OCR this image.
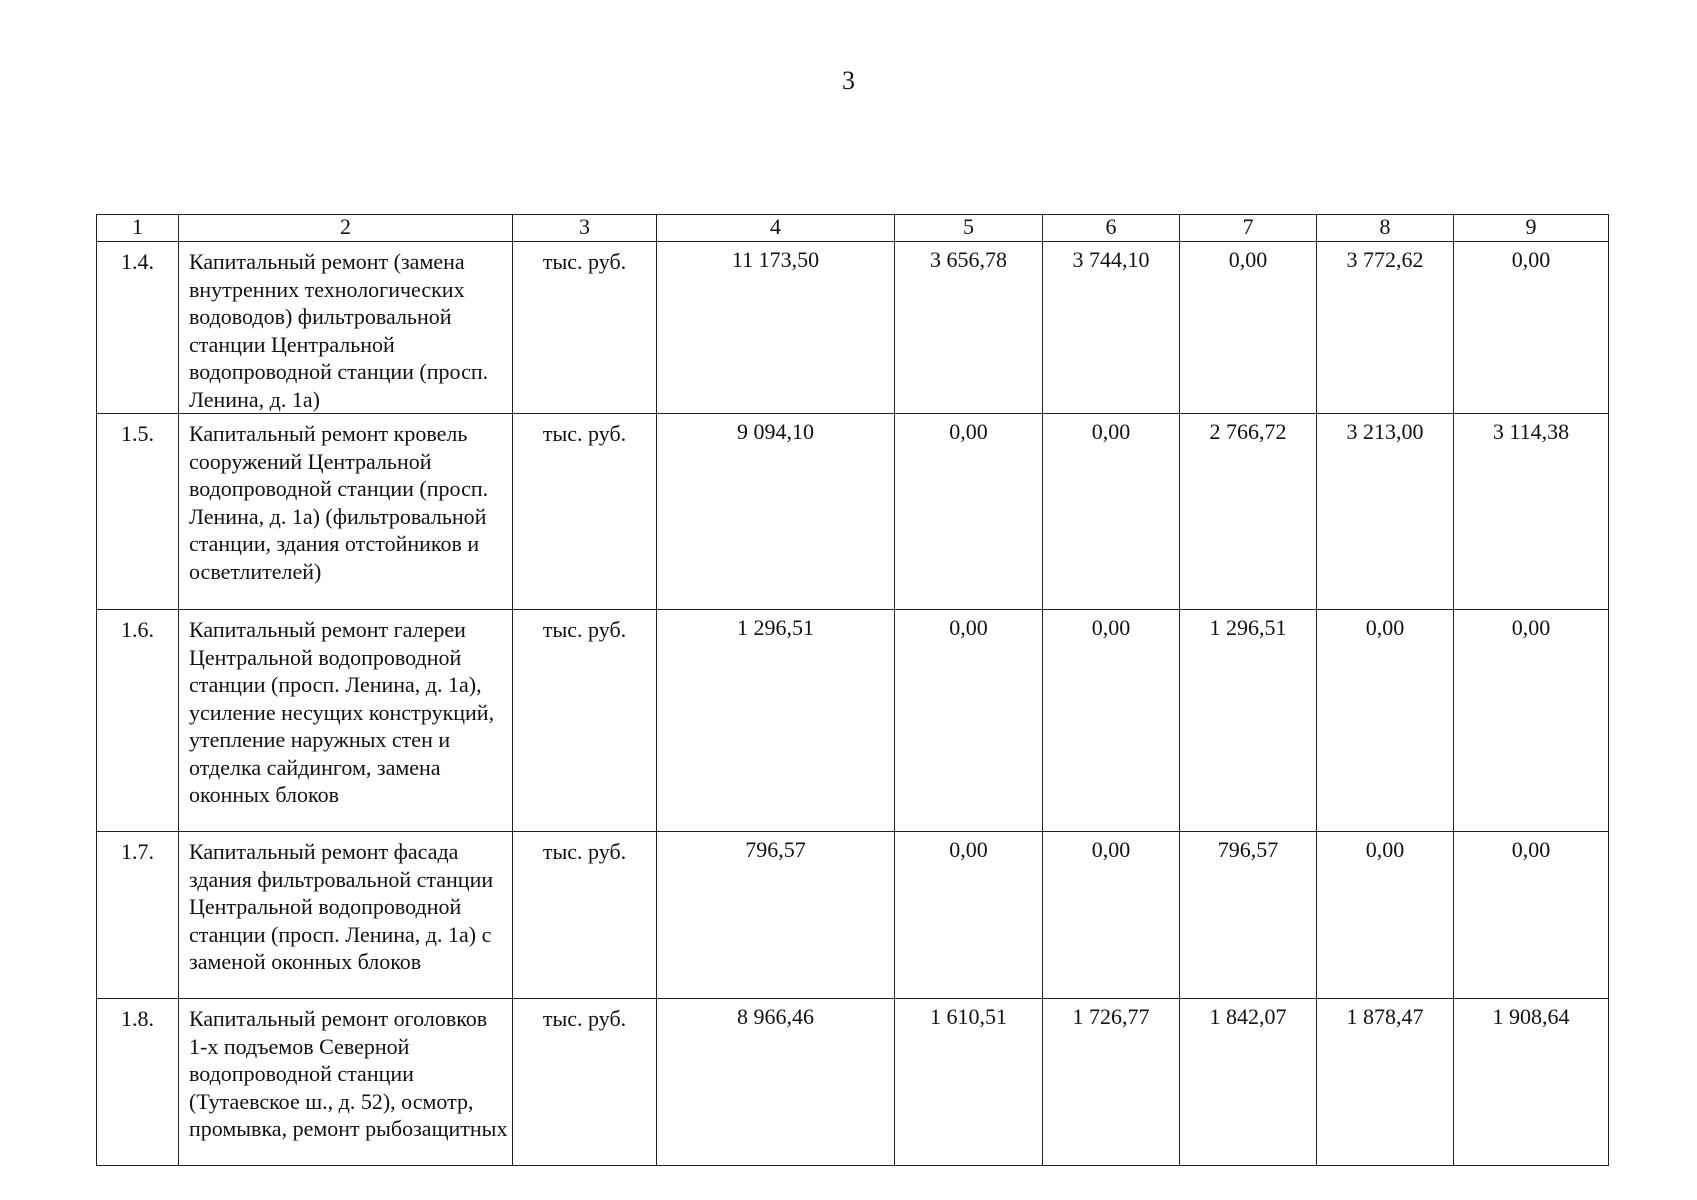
3
1	2	3	4	5	6	7	8	9
1.4.	Капитальный ремонт (замена внутренних технологических водоводов) фильтровальной станции Центральной водопроводной станции (просп. Ленина, д. 1а)	тыс. руб.	11 173,50	3 656,78	3 744,10	0,00	3 772,62	0,00
1.5.	Капитальный ремонт кровель сооружений Центральной водопроводной станции (просп. Ленина, д. 1а) (фильтровальной станции, здания отстойников и осветлителей)	тыс. руб.	9 094,10	0,00	0,00	2 766,72	3 213,00	3 114,38
1.6.	Капитальный ремонт галереи Центральной водопроводной станции (просп. Ленина, д. 1а), усиление несущих конструкций, утепление наружных стен и отделка сайдингом, замена оконных блоков	тыс. руб.	1 296,51	0,00	0,00	1 296,51	0,00	0,00
1.7.	Капитальный ремонт фасада здания фильтровальной станции Центральной водопроводной станции (просп. Ленина, д. 1а) с заменой оконных блоков	тыс. руб.	796,57	0,00	0,00	796,57	0,00	0,00
1.8.	Капитальный ремонт оголовков 1-х подъемов Северной водопроводной станции (Тутаевское ш., д. 52), осмотр, промывка, ремонт рыбозащитных	тыс. руб.	8 966,46	1 610,51	1 726,77	1 842,07	1 878,47	1 908,64
